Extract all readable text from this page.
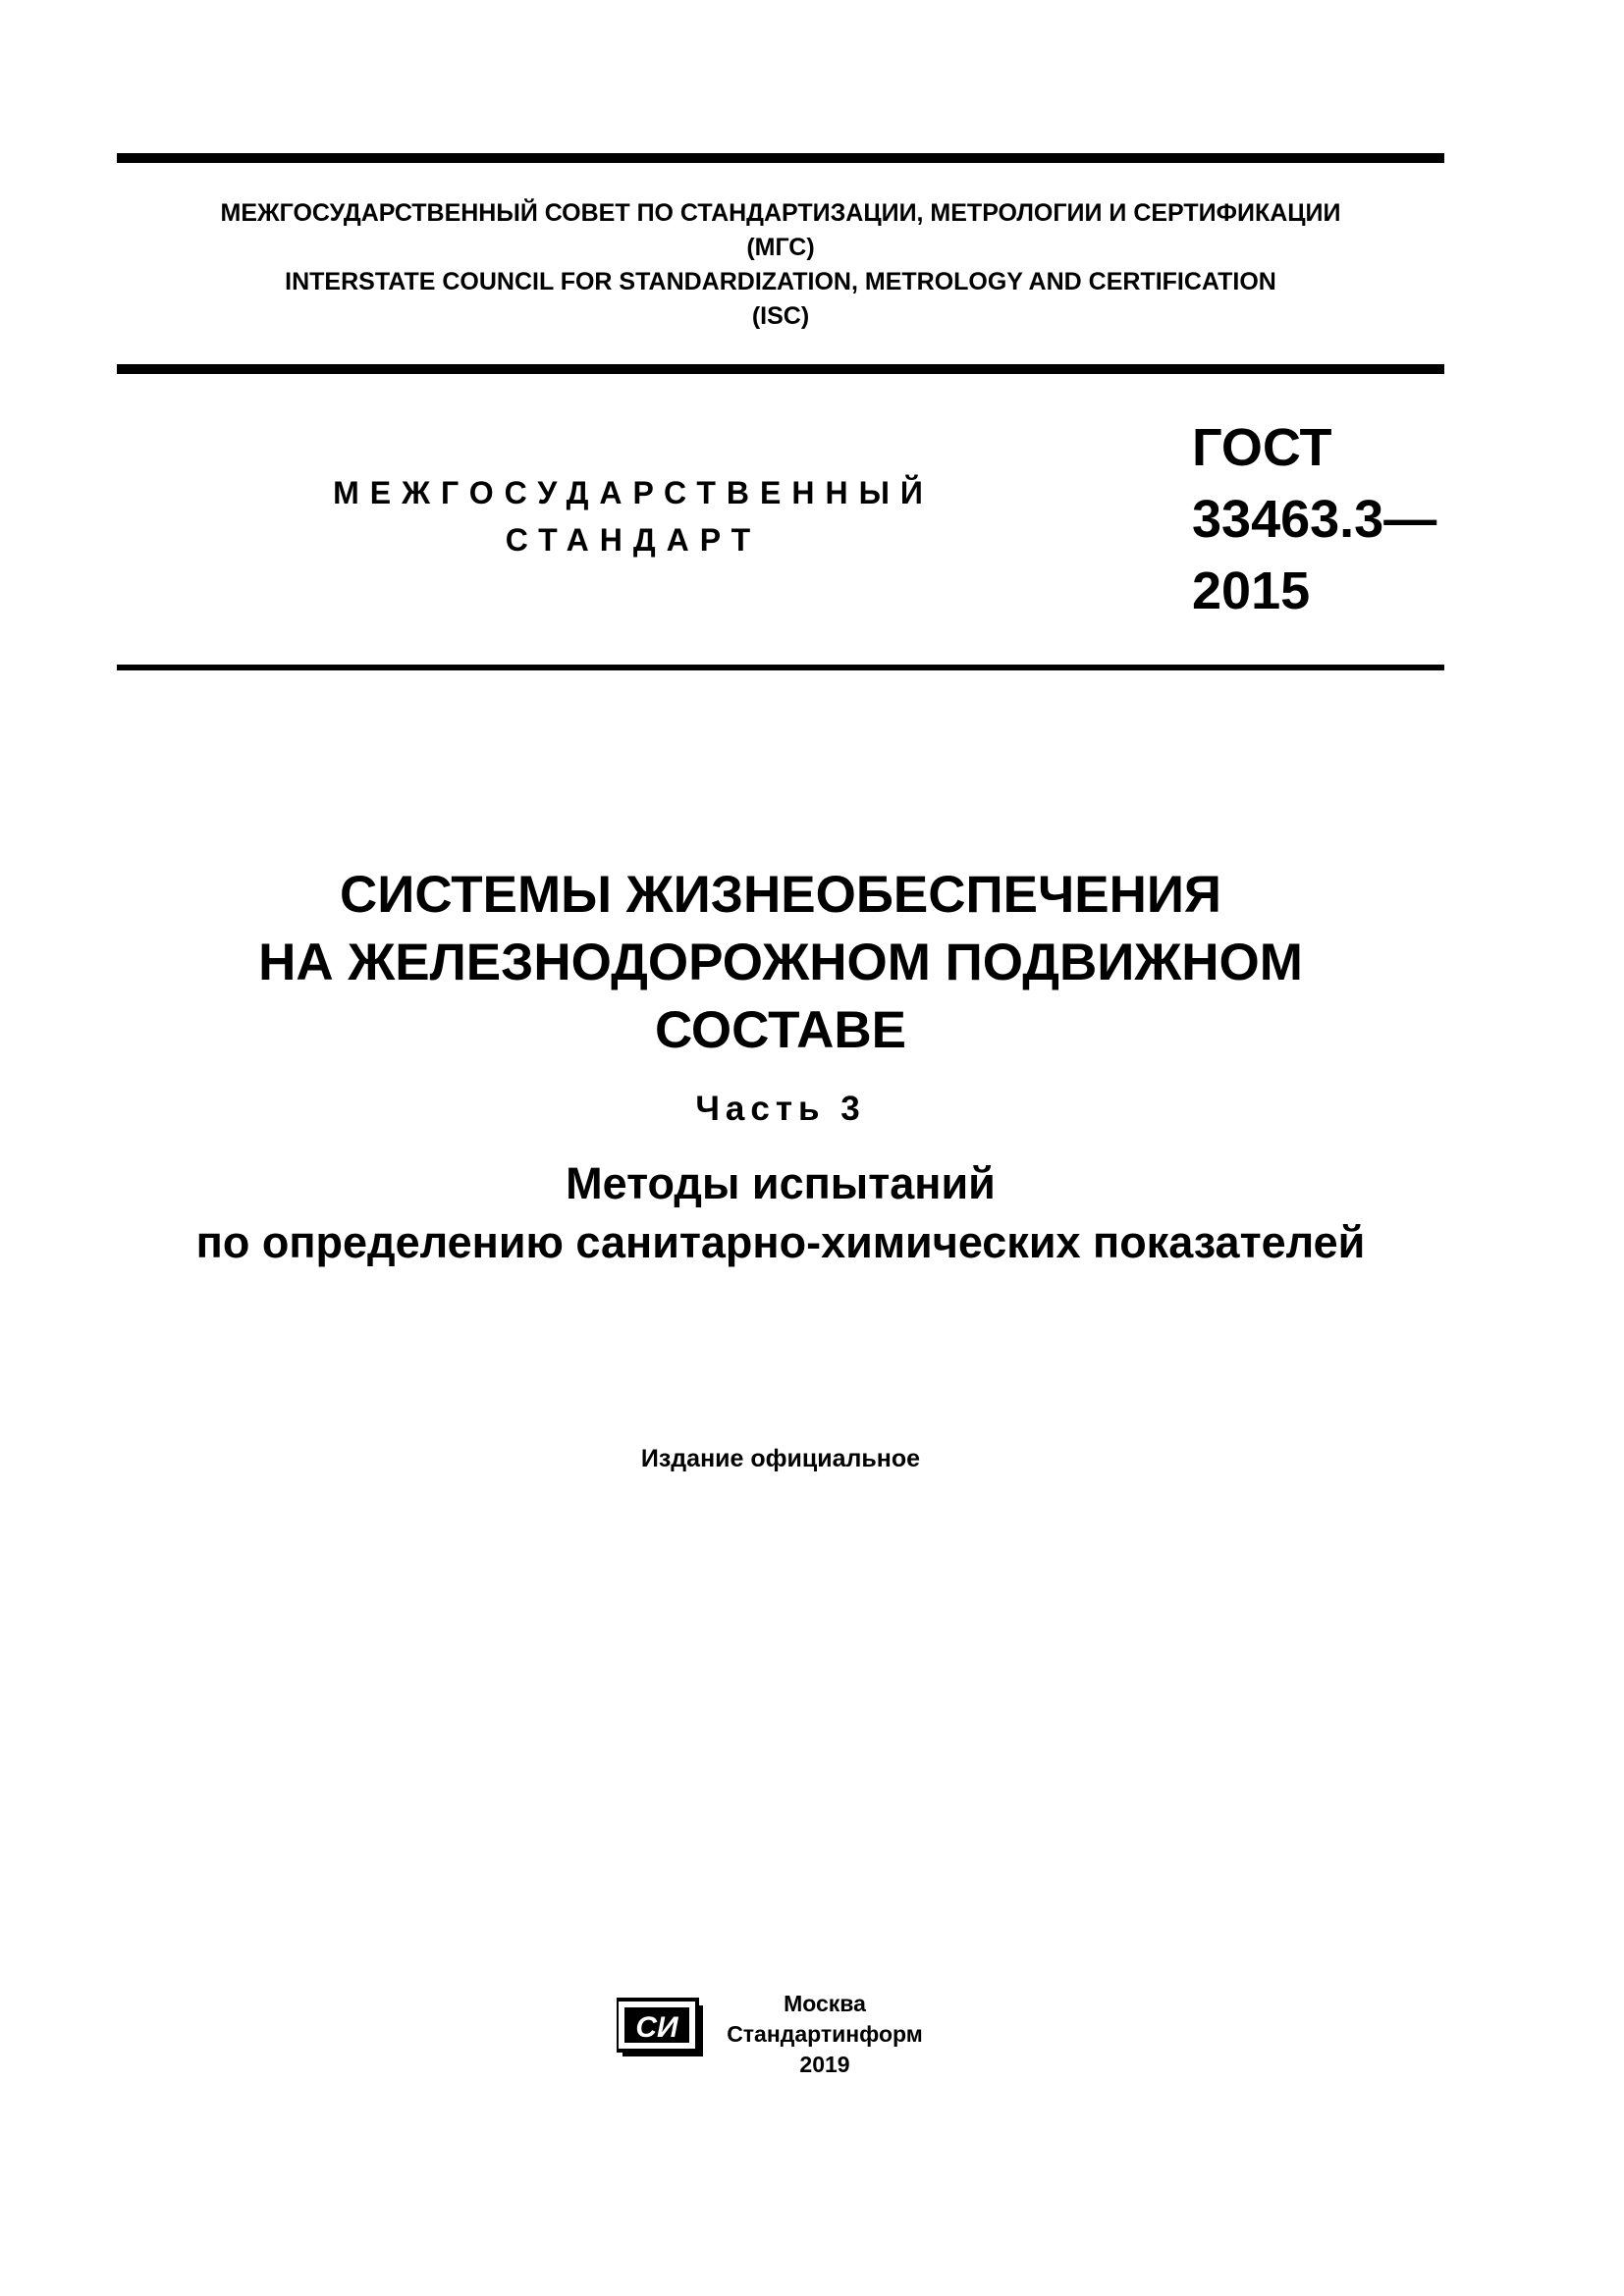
МЕЖГОСУДАРСТВЕННЫЙ СОВЕТ ПО СТАНДАРТИЗАЦИИ, МЕТРОЛОГИИ И СЕРТИФИКАЦИИ
(МГС)
INTERSTATE COUNCIL FOR STANDARDIZATION, METROLOGY AND CERTIFICATION
(ISC)
МЕЖГОСУДАРСТВЕННЫЙ
СТАНДАРТ
ГОСТ
33463.3—
2015
СИСТЕМЫ ЖИЗНЕОБЕСПЕЧЕНИЯ
НА ЖЕЛЕЗНОДОРОЖНОМ ПОДВИЖНОМ
СОСТАВЕ
Часть 3
Методы испытаний
по определению санитарно-химических показателей
Издание официальное
СИ
Москва
Стандартинформ
2019
